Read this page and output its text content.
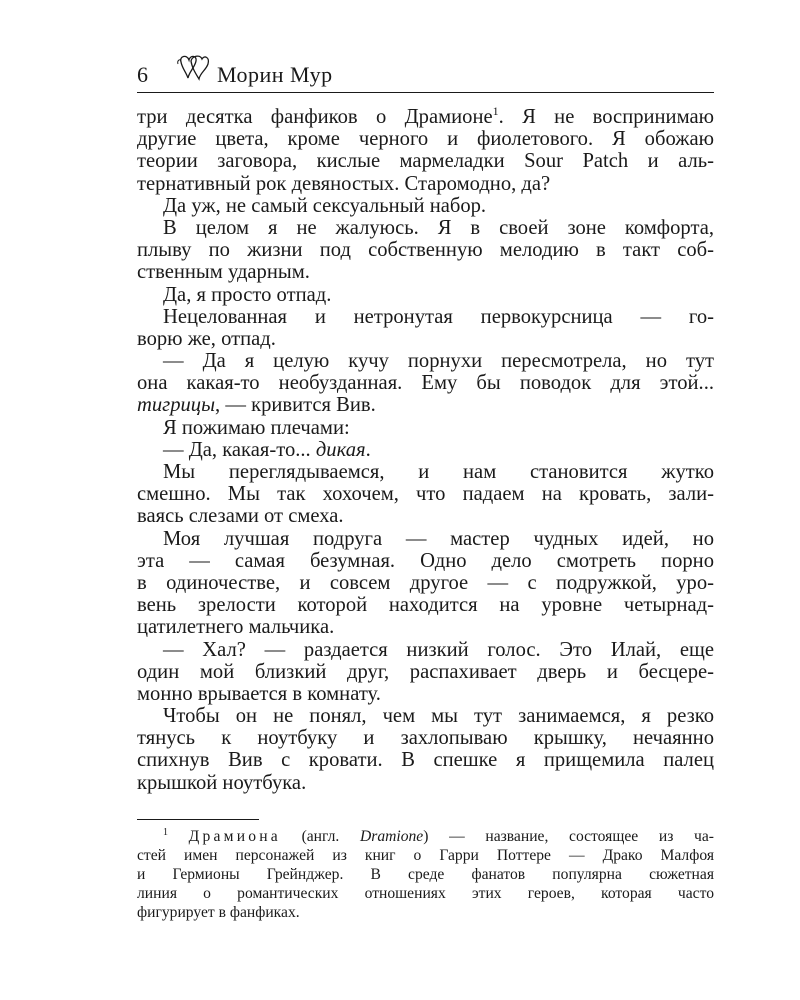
6	Морин Мур
три десятка фанфиков о Драмионе$^1$. Я не воспринимаю
другие цвета, кроме черного и фиолетового. Я обожаю
теории заговора, кислые мармеладки Sour Patch и аль-
тернативный рок девяностых. Старомодно, да?
Да уж, не самый сексуальный набор.
В целом я не жалуюсь. Я в своей зоне комфорта,
плыву по жизни под собственную мелодию в такт соб-
ственным ударным.
Да, я просто отпад.
Нецелованная и нетронутая первокурсница — го-
ворю же, отпад.
— Да я целую кучу порнухи пересмотрела, но тут
она какая-то необузданная. Ему бы поводок для этой...
тигрицы, — кривится Вив.
Я пожимаю плечами:
— Да, какая-то... дикая.
Мы переглядываемся, и нам становится жутко
смешно. Мы так хохочем, что падаем на кровать, зали-
ваясь слезами от смеха.
Моя лучшая подруга — мастер чудных идей, но
эта — самая безумная. Одно дело смотреть порно
в одиночестве, и совсем другое — с подружкой, уро-
вень зрелости которой находится на уровне четырнад-
цатилетнего мальчика.
— Хал? — раздается низкий голос. Это Илай, еще
один мой близкий друг, распахивает дверь и бесцере-
монно врывается в комнату.
Чтобы он не понял, чем мы тут занимаемся, я резко
тянусь к ноутбуку и захлопываю крышку, нечаянно
спихнув Вив с кровати. В спешке я прищемила палец
крышкой ноутбука.
$^1$ Драмиона (англ. Dramione) — название, состоящее из ча-
стей имен персонажей из книг о Гарри Поттере — Драко Малфоя
и Гермионы Грейнджер. В среде фанатов популярна сюжетная
линия о романтических отношениях этих героев, которая часто
фигурирует в фанфиках.
